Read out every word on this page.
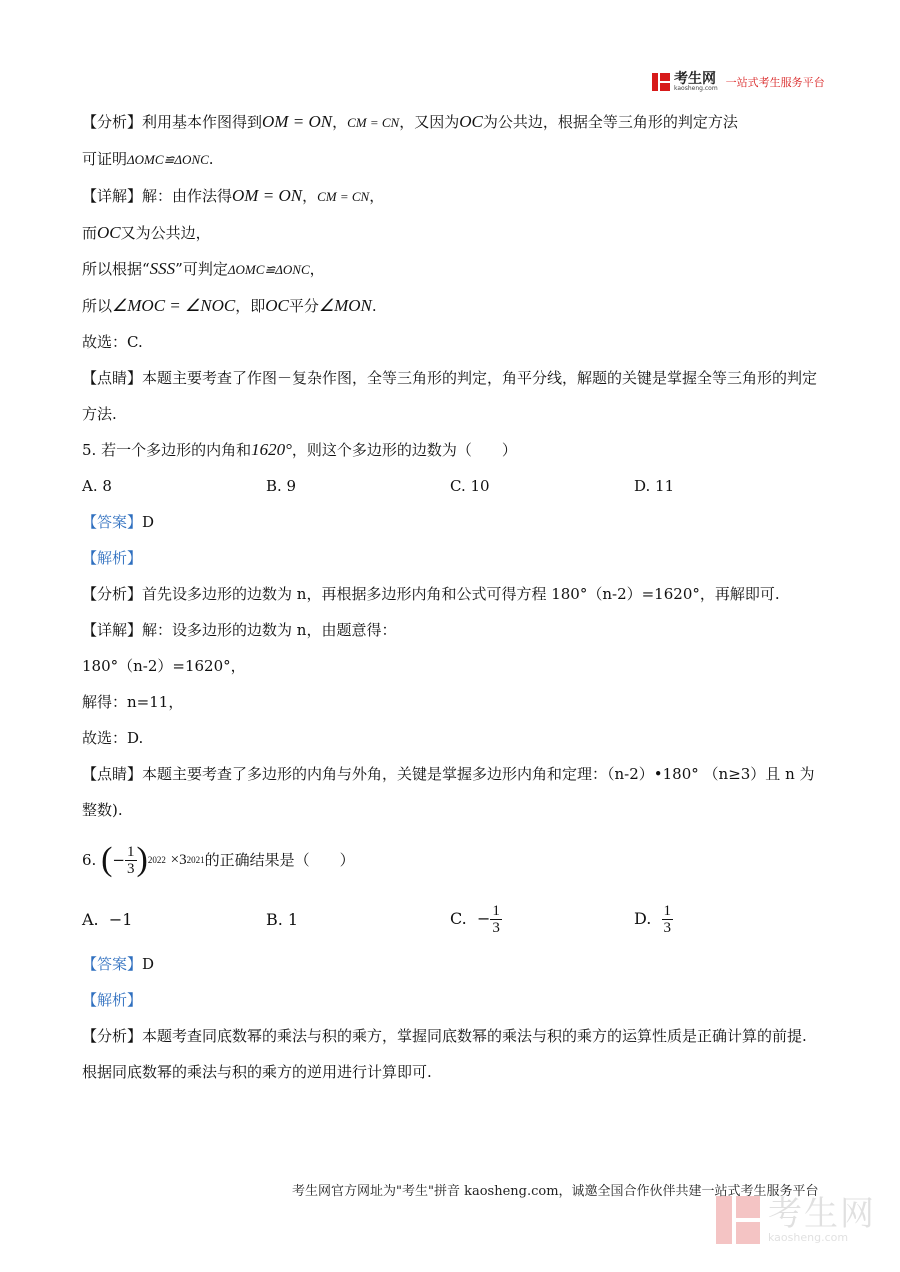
考生网
kaosheng.com 一站式考生服务平台
【分析】利用基本作图得到OM = ON，CM = CN，又因为OC为公共边，根据全等三角形的判定方法
可证明ΔOMC≌ΔONC.
【详解】解：由作法得OM = ON，CM = CN，
而OC又为公共边，
所以根据“SSS”可判定ΔOMC≌ΔONC，
所以∠MOC = ∠NOC，即OC平分∠MON.
故选：C.
【点睛】本题主要考查了作图－复杂作图，全等三角形的判定，角平分线，解题的关键是掌握全等三角形的判定方法.
5. 若一个多边形的内角和1620°，则这个多边形的边数为（　　）
A. 8	B. 9	C. 10	D. 11
【答案】D
【解析】
【分析】首先设多边形的边数为 n，再根据多边形内角和公式可得方程 180°（n-2）=1620°，再解即可.
【详解】解：设多边形的边数为 n，由题意得：
180°（n-2）=1620°，
解得：n=11，
故选：D.
【点睛】本题主要考查了多边形的内角与外角，关键是掌握多边形内角和定理：（n-2）•180° （n≥3）且 n 为整数).
6.
( − $\frac{1}{3}$ ) 2022
×3 2021 的正确结果是（　　）
A. −1	B. 1	C. − $\frac{1}{3}$	D. $\frac{1}{3}$
【答案】D
【解析】
【分析】本题考查同底数幂的乘法与积的乘方，掌握同底数幂的乘法与积的乘方的运算性质是正确计算的前提.
根据同底数幂的乘法与积的乘方的逆用进行计算即可.
考生网官方网址为"考生"拼音 kaosheng.com，诚邀全国合作伙伴共建一站式考生服务平台
考生网
kaosheng.com
